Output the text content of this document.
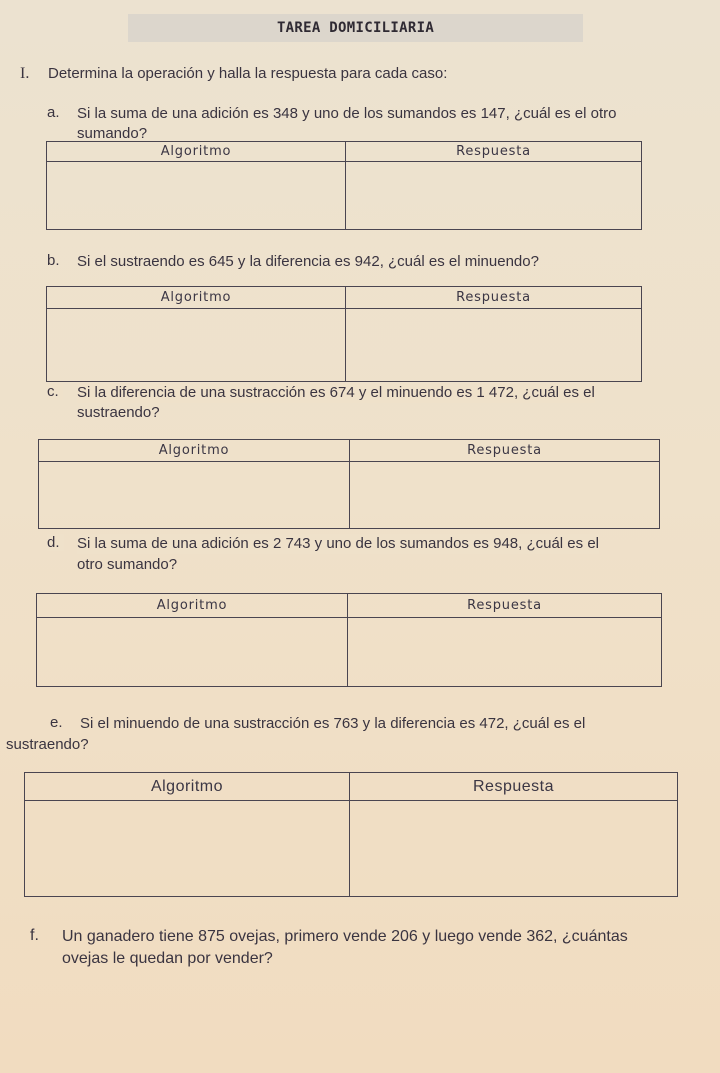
TAREA DOMICILIARIA
I. Determina la operación y halla la respuesta para cada caso:
a. Si la suma de una adición es 348 y uno de los sumandos es 147, ¿cuál es el otro
sumando?
Algoritmo	Respuesta

b. Si el sustraendo es 645 y la diferencia es 942, ¿cuál es el minuendo?
Algoritmo	Respuesta

c. Si la diferencia de una sustracción es 674 y el minuendo es 1 472, ¿cuál es el
sustraendo?
Algoritmo	Respuesta

d. Si la suma de una adición es 2 743 y uno de los sumandos es 948, ¿cuál es el
otro sumando?
Algoritmo	Respuesta

e. Si el minuendo de una sustracción es 763 y la diferencia es 472, ¿cuál es el
sustraendo?
Algoritmo	Respuesta

f. Un ganadero tiene 875 ovejas, primero vende 206 y luego vende 362, ¿cuántas
ovejas le quedan por vender?
